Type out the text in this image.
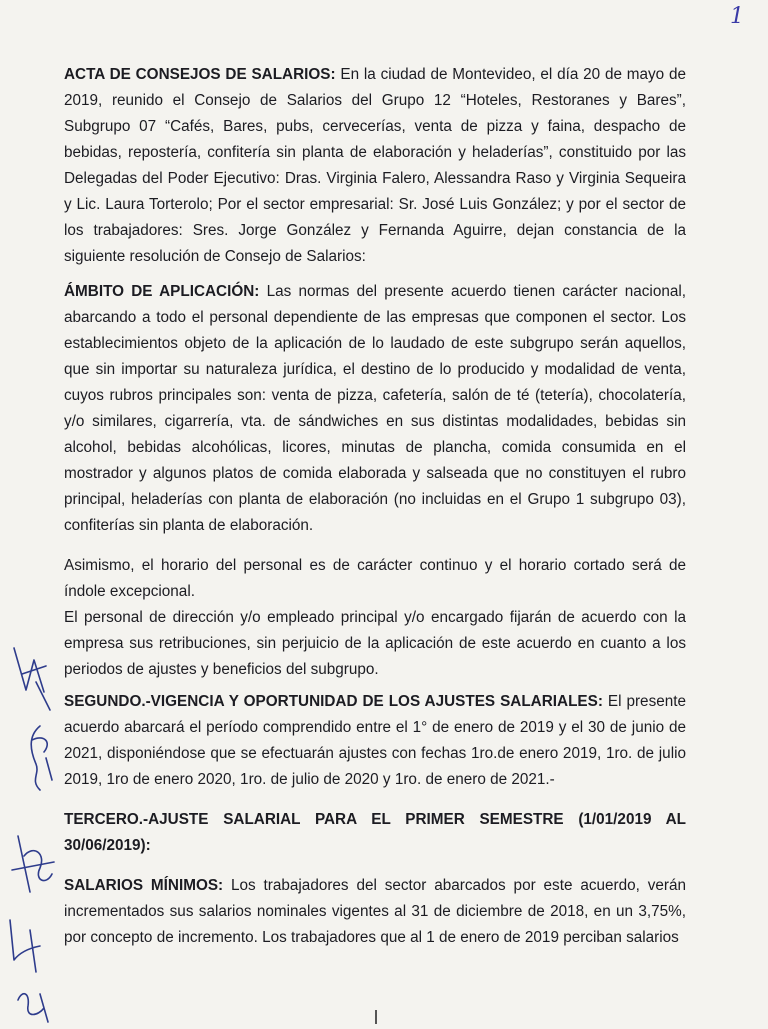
1

ACTA DE CONSEJOS DE SALARIOS: En la ciudad de Montevideo, el día 20 de mayo de 2019, reunido el Consejo de Salarios del Grupo 12 “Hoteles, Restoranes y Bares”, Subgrupo 07 “Cafés, Bares, pubs, cervecerías, venta de pizza y faina, despacho de bebidas, repostería, confitería sin planta de elaboración y heladerías”, constituido por las Delegadas del Poder Ejecutivo: Dras. Virginia Falero, Alessandra Raso y Virginia Sequeira y Lic. Laura Torterolo; Por el sector empresarial: Sr. José Luis González; y por el sector de los trabajadores: Sres. Jorge González y Fernanda Aguirre, dejan constancia de la siguiente resolución de Consejo de Salarios:

ÁMBITO DE APLICACIÓN: Las normas del presente acuerdo tienen carácter nacional, abarcando a todo el personal dependiente de las empresas que componen el sector. Los establecimientos objeto de la aplicación de lo laudado de este subgrupo serán aquellos, que sin importar su naturaleza jurídica, el destino de lo producido y modalidad de venta, cuyos rubros principales son: venta de pizza, cafetería, salón de té (tetería), chocolatería, y/o similares, cigarrería, vta. de sándwiches en sus distintas modalidades, bebidas sin alcohol, bebidas alcohólicas, licores, minutas de plancha, comida consumida en el mostrador y algunos platos de comida elaborada y salseada que no constituyen el rubro principal, heladerías con planta de elaboración (no incluidas en el Grupo 1 subgrupo 03), confiterías sin planta de elaboración.

Asimismo, el horario del personal es de carácter continuo y el horario cortado será de índole excepcional.

El personal de dirección y/o empleado principal y/o encargado fijarán de acuerdo con la empresa sus retribuciones, sin perjuicio de la aplicación de este acuerdo en cuanto a los periodos de ajustes y beneficios del subgrupo.

SEGUNDO.-VIGENCIA Y OPORTUNIDAD DE LOS AJUSTES SALARIALES: El presente acuerdo abarcará el período comprendido entre el 1° de enero de 2019 y el 30 de junio de 2021, disponiéndose que se efectuarán ajustes con fechas 1ro.de enero 2019, 1ro. de julio 2019, 1ro de enero 2020, 1ro. de julio de 2020 y 1ro. de enero de 2021.-

TERCERO.-AJUSTE SALARIAL PARA EL PRIMER SEMESTRE (1/01/2019 AL 30/06/2019):

SALARIOS MÍNIMOS: Los trabajadores del sector abarcados por este acuerdo, verán incrementados sus salarios nominales vigentes al 31 de diciembre de 2018, en un 3,75%, por concepto de incremento. Los trabajadores que al 1 de enero de 2019 perciban salarios
